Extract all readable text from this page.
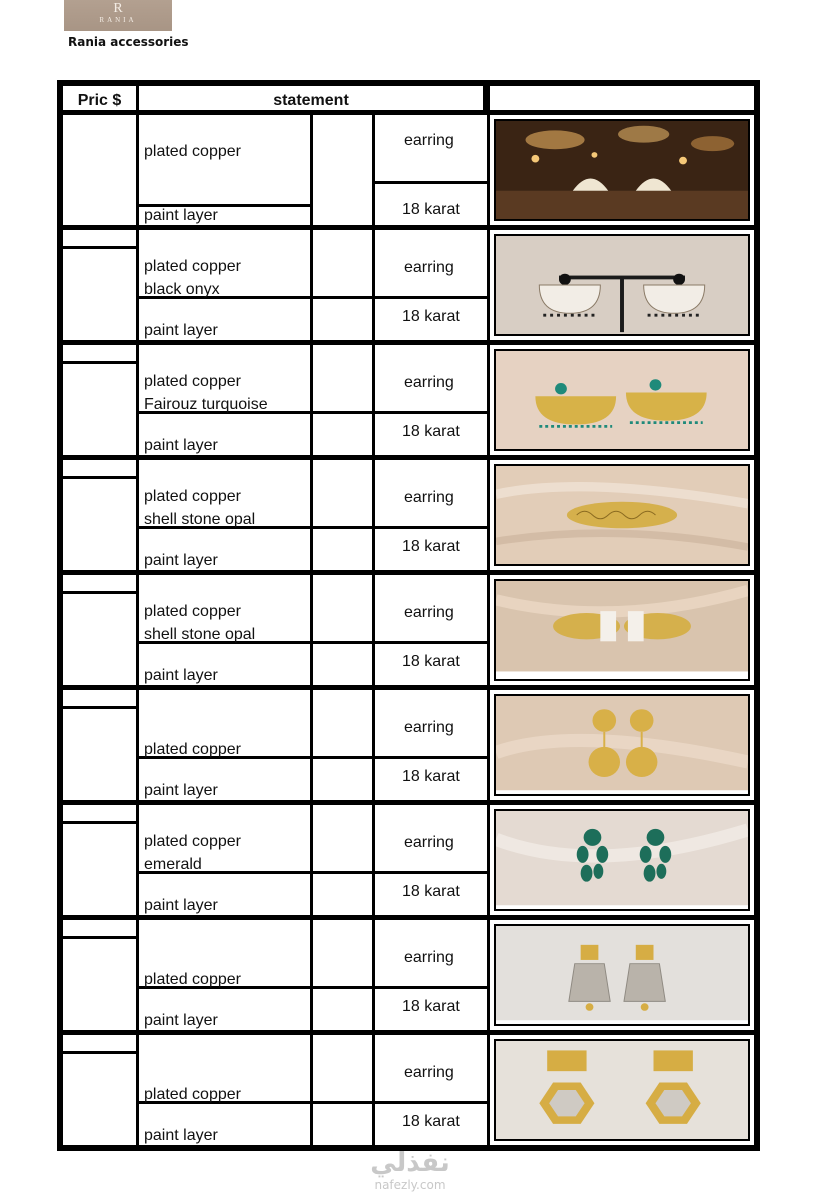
R
RANIA
Rania accessories
Pric $	statement
plated copper
paint layer
earring
18 karat
plated copper
black onyx
paint layer
earring
18 karat
plated copper
Fairouz turquoise
paint layer
earring
18 karat
plated copper
shell stone opal
paint layer
earring
18 karat
plated copper
shell stone opal
paint layer
earring
18 karat
plated copper
paint layer
earring
18 karat
plated copper
emerald
paint layer
earring
18 karat
plated copper
paint layer
earring
18 karat
plated copper
paint layer
earring
18 karat
نفذلي
nafezly.com
